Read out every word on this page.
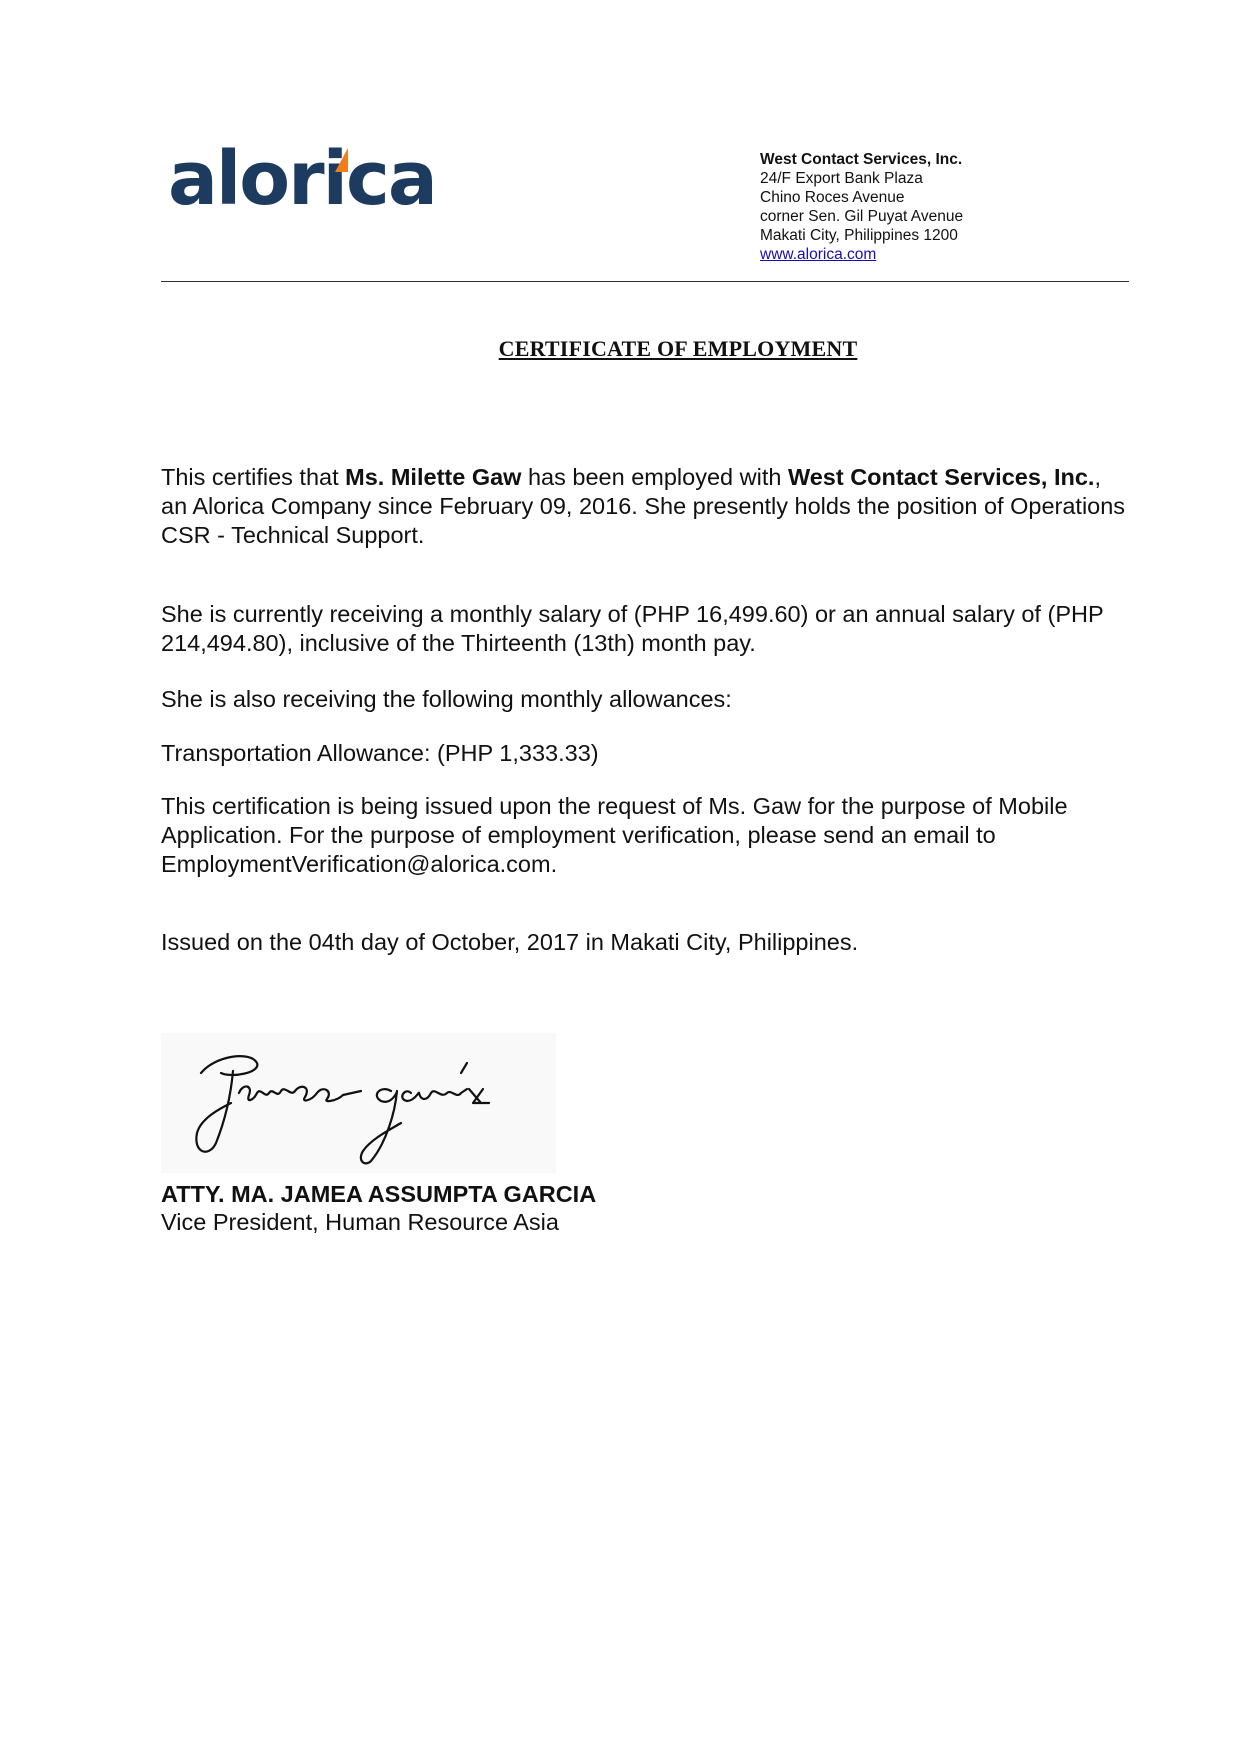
alorica	West Contact Services, Inc.
24/F Export Bank Plaza
Chino Roces Avenue
corner Sen. Gil Puyat Avenue
Makati City, Philippines 1200
www.alorica.com
CERTIFICATE OF EMPLOYMENT

This certifies that Ms. Milette Gaw has been employed with West Contact Services, Inc., an Alorica Company since February 09, 2016. She presently holds the position of Operations CSR - Technical Support.

She is currently receiving a monthly salary of (PHP 16,499.60) or an annual salary of (PHP 214,494.80), inclusive of the Thirteenth (13th) month pay.

She is also receiving the following monthly allowances:

Transportation Allowance: (PHP 1,333.33)

This certification is being issued upon the request of Ms. Gaw for the purpose of Mobile Application. For the purpose of employment verification, please send an email to EmploymentVerification@alorica.com.

Issued on the 04th day of October, 2017 in Makati City, Philippines.

ATTY. MA. JAMEA ASSUMPTA GARCIA
Vice President, Human Resource Asia
